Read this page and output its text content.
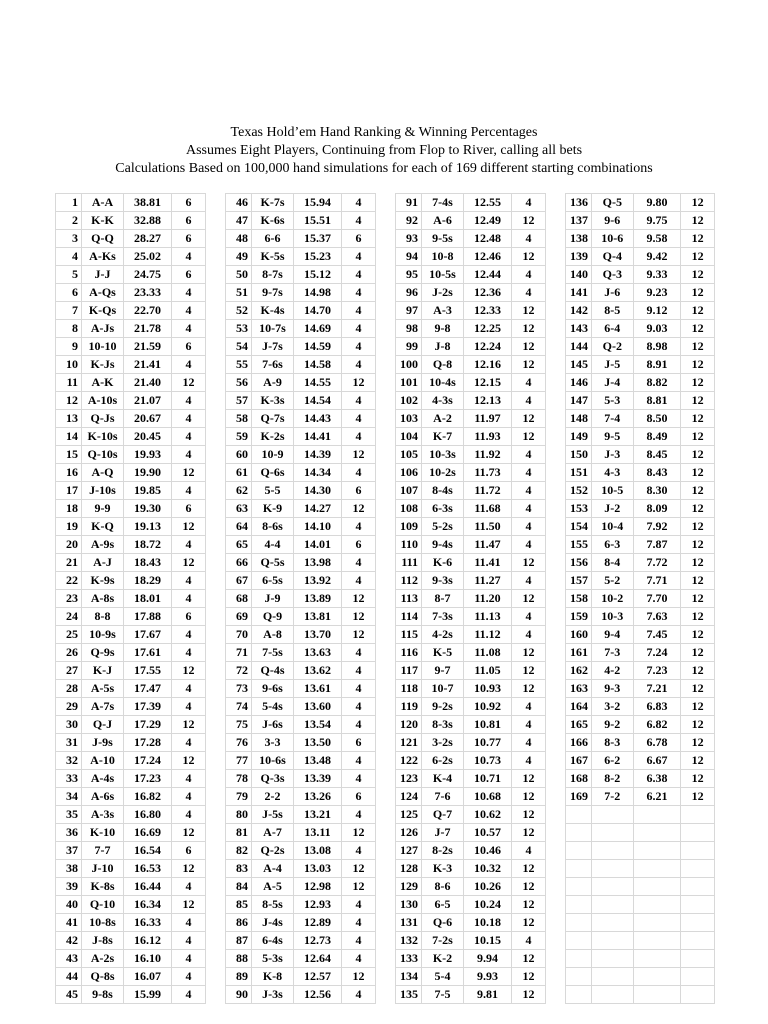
Texas Hold’em Hand Ranking & Winning Percentages
Assumes Eight Players, Continuing from Flop to River, calling all bets
Calculations Based on 100,000 hand simulations for each of 169 different starting combinations
1	A-A	38.81	6
2	K-K	32.88	6
3	Q-Q	28.27	6
4	A-Ks	25.02	4
5	J-J	24.75	6
6	A-Qs	23.33	4
7	K-Qs	22.70	4
8	A-Js	21.78	4
9	10-10	21.59	6
10	K-Js	21.41	4
11	A-K	21.40	12
12	A-10s	21.07	4
13	Q-Js	20.67	4
14	K-10s	20.45	4
15	Q-10s	19.93	4
16	A-Q	19.90	12
17	J-10s	19.85	4
18	9-9	19.30	6
19	K-Q	19.13	12
20	A-9s	18.72	4
21	A-J	18.43	12
22	K-9s	18.29	4
23	A-8s	18.01	4
24	8-8	17.88	6
25	10-9s	17.67	4
26	Q-9s	17.61	4
27	K-J	17.55	12
28	A-5s	17.47	4
29	A-7s	17.39	4
30	Q-J	17.29	12
31	J-9s	17.28	4
32	A-10	17.24	12
33	A-4s	17.23	4
34	A-6s	16.82	4
35	A-3s	16.80	4
36	K-10	16.69	12
37	7-7	16.54	6
38	J-10	16.53	12
39	K-8s	16.44	4
40	Q-10	16.34	12
41	10-8s	16.33	4
42	J-8s	16.12	4
43	A-2s	16.10	4
44	Q-8s	16.07	4
45	9-8s	15.99	4
46	K-7s	15.94	4
47	K-6s	15.51	4
48	6-6	15.37	6
49	K-5s	15.23	4
50	8-7s	15.12	4
51	9-7s	14.98	4
52	K-4s	14.70	4
53	10-7s	14.69	4
54	J-7s	14.59	4
55	7-6s	14.58	4
56	A-9	14.55	12
57	K-3s	14.54	4
58	Q-7s	14.43	4
59	K-2s	14.41	4
60	10-9	14.39	12
61	Q-6s	14.34	4
62	5-5	14.30	6
63	K-9	14.27	12
64	8-6s	14.10	4
65	4-4	14.01	6
66	Q-5s	13.98	4
67	6-5s	13.92	4
68	J-9	13.89	12
69	Q-9	13.81	12
70	A-8	13.70	12
71	7-5s	13.63	4
72	Q-4s	13.62	4
73	9-6s	13.61	4
74	5-4s	13.60	4
75	J-6s	13.54	4
76	3-3	13.50	6
77	10-6s	13.48	4
78	Q-3s	13.39	4
79	2-2	13.26	6
80	J-5s	13.21	4
81	A-7	13.11	12
82	Q-2s	13.08	4
83	A-4	13.03	12
84	A-5	12.98	12
85	8-5s	12.93	4
86	J-4s	12.89	4
87	6-4s	12.73	4
88	5-3s	12.64	4
89	K-8	12.57	12
90	J-3s	12.56	4
91	7-4s	12.55	4
92	A-6	12.49	12
93	9-5s	12.48	4
94	10-8	12.46	12
95	10-5s	12.44	4
96	J-2s	12.36	4
97	A-3	12.33	12
98	9-8	12.25	12
99	J-8	12.24	12
100	Q-8	12.16	12
101	10-4s	12.15	4
102	4-3s	12.13	4
103	A-2	11.97	12
104	K-7	11.93	12
105	10-3s	11.92	4
106	10-2s	11.73	4
107	8-4s	11.72	4
108	6-3s	11.68	4
109	5-2s	11.50	4
110	9-4s	11.47	4
111	K-6	11.41	12
112	9-3s	11.27	4
113	8-7	11.20	12
114	7-3s	11.13	4
115	4-2s	11.12	4
116	K-5	11.08	12
117	9-7	11.05	12
118	10-7	10.93	12
119	9-2s	10.92	4
120	8-3s	10.81	4
121	3-2s	10.77	4
122	6-2s	10.73	4
123	K-4	10.71	12
124	7-6	10.68	12
125	Q-7	10.62	12
126	J-7	10.57	12
127	8-2s	10.46	4
128	K-3	10.32	12
129	8-6	10.26	12
130	6-5	10.24	12
131	Q-6	10.18	12
132	7-2s	10.15	4
133	K-2	9.94	12
134	5-4	9.93	12
135	7-5	9.81	12
136	Q-5	9.80	12
137	9-6	9.75	12
138	10-6	9.58	12
139	Q-4	9.42	12
140	Q-3	9.33	12
141	J-6	9.23	12
142	8-5	9.12	12
143	6-4	9.03	12
144	Q-2	8.98	12
145	J-5	8.91	12
146	J-4	8.82	12
147	5-3	8.81	12
148	7-4	8.50	12
149	9-5	8.49	12
150	J-3	8.45	12
151	4-3	8.43	12
152	10-5	8.30	12
153	J-2	8.09	12
154	10-4	7.92	12
155	6-3	7.87	12
156	8-4	7.72	12
157	5-2	7.71	12
158	10-2	7.70	12
159	10-3	7.63	12
160	9-4	7.45	12
161	7-3	7.24	12
162	4-2	7.23	12
163	9-3	7.21	12
164	3-2	6.83	12
165	9-2	6.82	12
166	8-3	6.78	12
167	6-2	6.67	12
168	8-2	6.38	12
169	7-2	6.21	12
